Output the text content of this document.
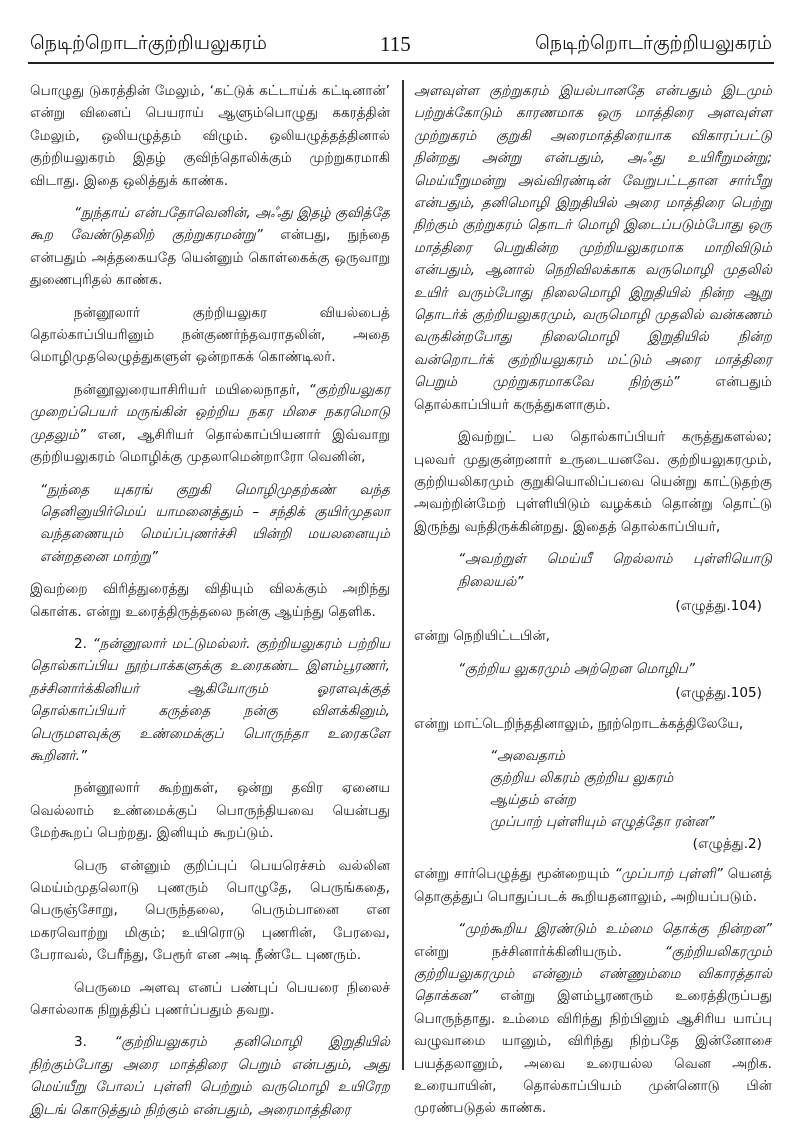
நெடிற்றொடர்குற்றியலுகரம்	115	நெடிற்றொடர்குற்றியலுகரம்

பொழுது டுகரத்தின் மேலும், ‘கட்டுக் கட்டாய்க் கட்டினான்’ என்று வினைப் பெயராய் ஆளும்பொழுது ககரத்தின் மேலும், ஒலியழுத்தம் விழும். ஒலியழுத்தத்தினால் குற்றியலுகரம் இதழ் குவிந்தொலிக்கும் முற்றுகரமாகி விடாது. இதை ஒலித்துக் காண்க.

“நுந்தாய் என்பதோவெனின், அஃது இதழ் குவித்தே கூற வேண்டுதலிற் குற்றுகரமன்று” என்பது, நுந்தை என்பதும் அத்தகையதே யென்னும் கொள்கைக்கு ஒருவாறு துணைபுரிதல் காண்க.

நன்னூலார் குற்றியலுகர வியல்பைத் தொல்காப்பியரினும் நன்குணர்ந்தவராதலின், அதை மொழிமுதலெழுத்துகளுள் ஒன்றாகக் கொண்டிலர்.

நன்னூலுரையாசிரியர் மயிலைநாதர், “குற்றியலுகர முறைப்பெயர் மருங்கின் ஒற்றிய நகர மிசை நகரமொடு முதலும்” என, ஆசிரியர் தொல்காப்பியனார் இவ்வாறு குற்றியலுகரம் மொழிக்கு முதலாமென்றாரோ வெனின்,

“நுந்தை யுகரங் குறுகி மொழிமுதற்கண் வந்த தெனினுயிர்மெய் யாமனைத்தும் – சந்திக் குயிர்முதலா வந்தணையும் மெய்ப்புணர்ச்சி யின்றி மயலனையும் என்றதனை மாற்று”

இவற்றை விரித்துரைத்து விதியும் விலக்கும் அறிந்து கொள்க. என்று உரைத்திருத்தலை நன்கு ஆய்ந்து தெளிக.

2. “நன்னூலார் மட்டுமல்லர். குற்றியலுகரம் பற்றிய தொல்காப்பிய நூற்பாக்களுக்கு உரைகண்ட இளம்பூரணர், நச்சினார்க்கினியர் ஆகியோரும் ஓரளவுக்குத் தொல்காப்பியர் கருத்தை நன்கு விளக்கினும், பெருமளவுக்கு உண்மைக்குப் பொருந்தா உரைகளே கூறினர்.”

நன்னூலார் கூற்றுகள், ஒன்று தவிர ஏனைய வெல்லாம் உண்மைக்குப் பொருந்தியவை யென்பது மேற்கூறப் பெற்றது. இனியும் கூறப்டும்.

பெரு என்னும் குறிப்புப் பெயரெச்சம் வல்லின மெய்ம்முதலொடு புணரும் பொழுதே, பெருங்கதை, பெருஞ்சோறு, பெருந்தலை, பெரும்பானை என மகரவொற்று மிகும்; உயிரொடு புணரின், பேரவை, பேராவல், பேரீந்து, பேரூர் என அடி நீண்டே புணரும்.

பெருமை அளவு எனப் பண்புப் பெயரை நிலைச் சொல்லாக நிறுத்திப் புணர்ப்பதும் தவறு.

3. “குற்றியலுகரம் தனிமொழி இறுதியில் நிற்கும்போது அரை மாத்திரை பெறும் என்பதும், அது மெய்யீறு போலப் புள்ளி பெற்றும் வருமொழி உயிரேற இடங் கொடுத்தும் நிற்கும் என்பதும், அரைமாத்திரை

அளவுள்ள குற்றுகரம் இயல்பானதே என்பதும் இடமும் பற்றுக்கோடும் காரணமாக ஒரு மாத்திரை அளவுள்ள முற்றுகரம் குறுகி அரைமாத்திரையாக விகாரப்பட்டு நின்றது அன்று என்பதும், அஃது உயிரீறுமன்று; மெய்யீறுமன்று அவ்விரண்டின் வேறுபட்டதான சார்பீறு என்பதும், தனிமொழி இறுதியில் அரை மாத்திரை பெற்று நிற்கும் குற்றுகரம் தொடர் மொழி இடைப்படும்போது ஒரு மாத்திரை பெறுகின்ற முற்றியலுகரமாக மாறிவிடும் என்பதும், ஆனால் நெறிவிலக்காக வருமொழி முதலில் உயிர் வரும்போது நிலைமொழி இறுதியில் நின்ற ஆறு தொடர்க் குற்றியலுகரமும், வருமொழி முதலில் வன்கணம் வருகின்றபோது நிலைமொழி இறுதியில் நின்ற வன்றொடர்க் குற்றியலுகரம் மட்டும் அரை மாத்திரை பெறும் முற்றுகரமாகவே நிற்கும்” என்பதும் தொல்காப்பியர் கருத்துகளாகும்.

இவற்றுட் பல தொல்காப்பியர் கருத்துகளல்ல; புலவர் முதுகுன்றனார் உருடையனவே. குற்றியலுகரமும், குற்றியலிகரமும் குறுகியொலிப்பவை யென்று காட்டுதற்கு அவற்றின்மேற் புள்ளியிடும் வழக்கம் தொன்று தொட்டு இருந்து வந்திருக்கின்றது. இதைத் தொல்காப்பியர்,

“அவற்றுள் மெய்யீ றெல்லாம் புள்ளியொடு நிலையல்”

(எழுத்து.104)

என்று நெறியிட்டபின்,

“குற்றிய லுகரமும் அற்றென மொழிப”

(எழுத்து.105)

என்று மாட்டெறிந்ததினாலும், நூற்றொடக்கத்திலேயே,

“அவைதாம்
குற்றிய லிகரம் குற்றிய லுகரம்
ஆய்தம் என்ற
முப்பாற் புள்ளியும் எழுத்தோ ரன்ன”

(எழுத்து.2)

என்று சார்பெழுத்து மூன்றையும் “முப்பாற் புள்ளி” யெனத் தொகுத்துப் பொதுப்படக் கூறியதனாலும், அறியப்படும்.

“முற்கூறிய இரண்டும் உம்மை தொக்கு நின்றன” என்று நச்சினார்க்கினியரும். “குற்றியலிகரமும் குற்றியலுகரமும் என்னும் எண்ணும்மை விகாரத்தால் தொக்கன” என்று இளம்பூரணரும் உரைத்திருப்பது பொருந்தாது. உம்மை விரிந்து நிற்பினும் ஆசிரிய யாப்பு வழுவாமை யானும், விரிந்து நிற்பதே இன்னோசை பயத்தலானும், அவை உரையல்ல வென அறிக. உரையாயின், தொல்காப்பியம் முன்னொடு பின் முரண்படுதல் காண்க.
